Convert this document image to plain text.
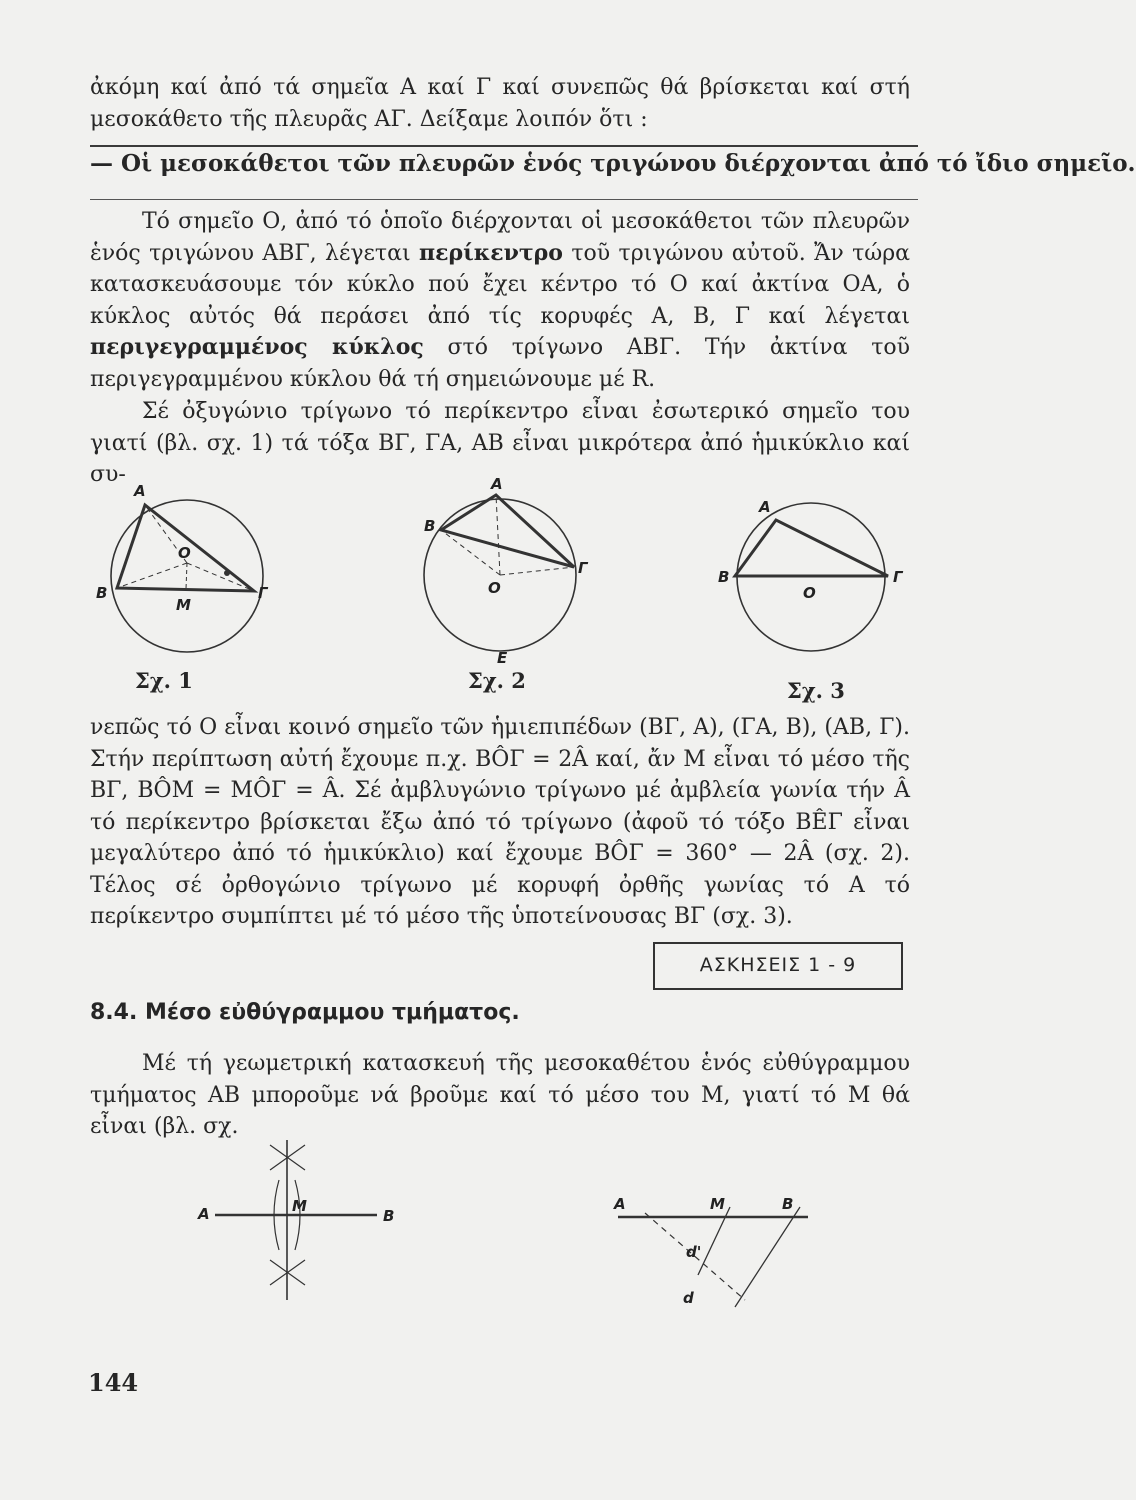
ἀκόμη καί ἀπό τά σημεῖα Α καί Γ καί συνεπῶς θά βρίσκεται καί στή μεσοκάθετο τῆς πλευρᾶς ΑΓ. Δείξαμε λοιπόν ὅτι :

— Οἱ μεσοκάθετοι τῶν πλευρῶν ἑνός τριγώνου διέρχονται ἀπό τό ἴδιο σημεῖο.

Τό σημεῖο Ο, ἀπό τό ὁποῖο διέρχονται οἱ μεσοκάθετοι τῶν πλευρῶν ἑνός τριγώνου ΑΒΓ, λέγεται περίκεντρο τοῦ τριγώνου αὐτοῦ. Ἄν τώρα κατασκευάσουμε τόν κύκλο πού ἔχει κέντρο τό Ο καί ἀκτίνα ΟΑ, ὁ κύκλος αὐτός θά περάσει ἀπό τίς κορυφές Α, Β, Γ καί λέγεται περιγεγραμμένος κύκλος στό τρίγωνο ΑΒΓ. Τήν ἀκτίνα τοῦ περιγεγραμμένου κύκλου θά τή σημειώνουμε μέ R.

Σέ ὀξυγώνιο τρίγωνο τό περίκεντρο εἶναι ἐσωτερικό σημεῖο του γιατί (βλ. σχ. 1) τά τόξα ΒΓ, ΓΑ, ΑΒ εἶναι μικρότερα ἀπό ἡμικύκλιο καί συ-

A
B
O
M
Γ
Σχ. 1
A
B
O
Γ
E
Σχ. 2
A
B
O
Γ
Σχ. 3

νεπῶς τό Ο εἶναι κοινό σημεῖο τῶν ἡμιεπιπέδων (ΒΓ, Α), (ΓΑ, Β), (ΑΒ, Γ). Στήν περίπτωση αὐτή ἔχουμε π.χ. ΒÔΓ = 2Â καί, ἄν Μ εἶναι τό μέσο τῆς ΒΓ, ΒÔΜ = ΜÔΓ = Â. Σέ ἀμβλυγώνιο τρίγωνο μέ ἀμβλεία γωνία τήν Â τό περίκεντρο βρίσκεται ἔξω ἀπό τό τρίγωνο (ἀφοῦ τό τόξο ΒÊΓ εἶναι μεγαλύτερο ἀπό τό ἡμικύκλιο) καί ἔχουμε ΒÔΓ = 360° — 2Â (σχ. 2). Τέλος σέ ὀρθογώνιο τρίγωνο μέ κορυφή ὀρθῆς γωνίας τό Α τό περίκεντρο συμπίπτει μέ τό μέσο τῆς ὑποτείνουσας ΒΓ (σχ. 3).

ΑΣΚΗΣΕΙΣ 1 - 9
8.4. Μέσο εὐθύγραμμου τμήματος.

Μέ τή γεωμετρική κατασκευή τῆς μεσοκαθέτου ἑνός εὐθύγραμμου τμήματος ΑΒ μποροῦμε νά βροῦμε καί τό μέσο του Μ, γιατί τό Μ θά εἶναι (βλ. σχ.

A	M
B
A	M	B
d'
d
144
